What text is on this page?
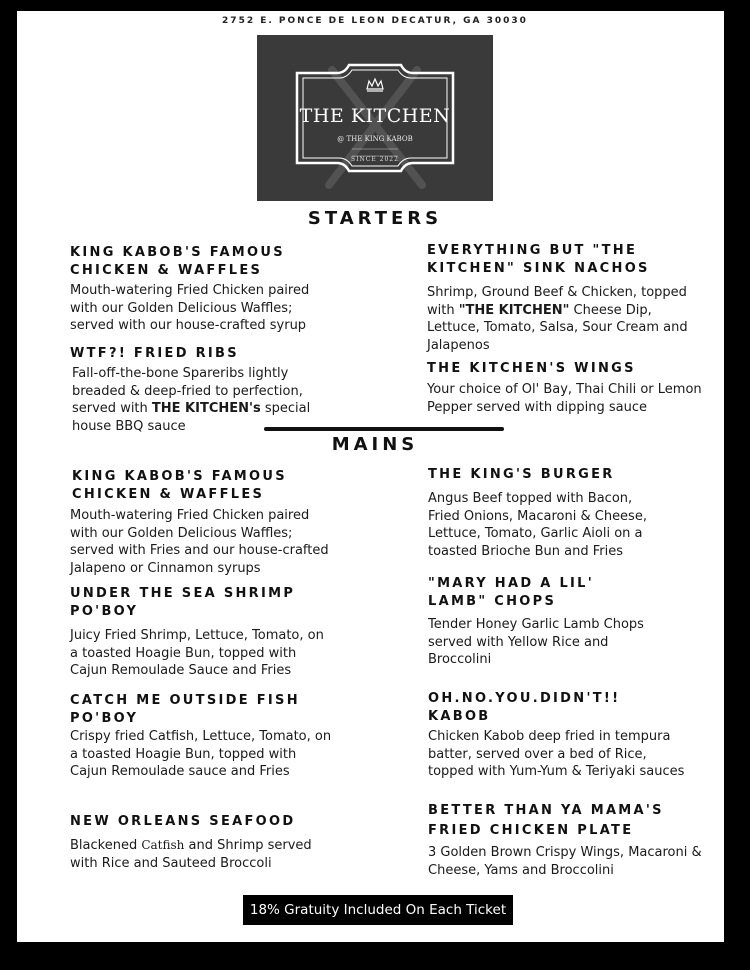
2752 E. PONCE DE LEON DECATUR, GA 30030
THE KITCHEN
@ THE KING KABOB
SINCE 2022
STARTERS
KING KABOB'S FAMOUS CHICKEN & WAFFLES
Mouth-watering Fried Chicken paired with our Golden Delicious Waffles; served with our house-crafted syrup
WTF?! FRIED RIBS
Fall-off-the-bone Spareribs lightly breaded & deep-fried to perfection, served with THE KITCHEN's special house BBQ sauce
EVERYTHING BUT "THE KITCHEN" SINK NACHOS
Shrimp, Ground Beef & Chicken, topped with "THE KITCHEN" Cheese Dip, Lettuce, Tomato, Salsa, Sour Cream and Jalapenos
THE KITCHEN'S WINGS
Your choice of Ol' Bay, Thai Chili or Lemon Pepper served with dipping sauce
MAINS
KING KABOB'S FAMOUS CHICKEN & WAFFLES
Mouth-watering Fried Chicken paired with our Golden Delicious Waffles; served with Fries and our house-crafted Jalapeno or Cinnamon syrups
UNDER THE SEA SHRIMP PO'BOY
Juicy Fried Shrimp, Lettuce, Tomato, on a toasted Hoagie Bun, topped with Cajun Remoulade Sauce and Fries
CATCH ME OUTSIDE FISH PO'BOY
Crispy fried Catfish, Lettuce, Tomato, on a toasted Hoagie Bun, topped with Cajun Remoulade sauce and Fries
NEW ORLEANS SEAFOOD
Blackened Catfish and Shrimp served with Rice and Sauteed Broccoli
THE KING'S BURGER
Angus Beef topped with Bacon, Fried Onions, Macaroni & Cheese, Lettuce, Tomato, Garlic Aioli on a toasted Brioche Bun and Fries
"MARY HAD A LIL' LAMB" CHOPS
Tender Honey Garlic Lamb Chops served with Yellow Rice and Broccolini
OH.NO.YOU.DIDN'T!! KABOB
Chicken Kabob deep fried in tempura batter, served over a bed of Rice, topped with Yum-Yum & Teriyaki sauces
BETTER THAN YA MAMA'S FRIED CHICKEN PLATE
3 Golden Brown Crispy Wings, Macaroni & Cheese, Yams and Broccolini
18% Gratuity Included On Each Ticket
